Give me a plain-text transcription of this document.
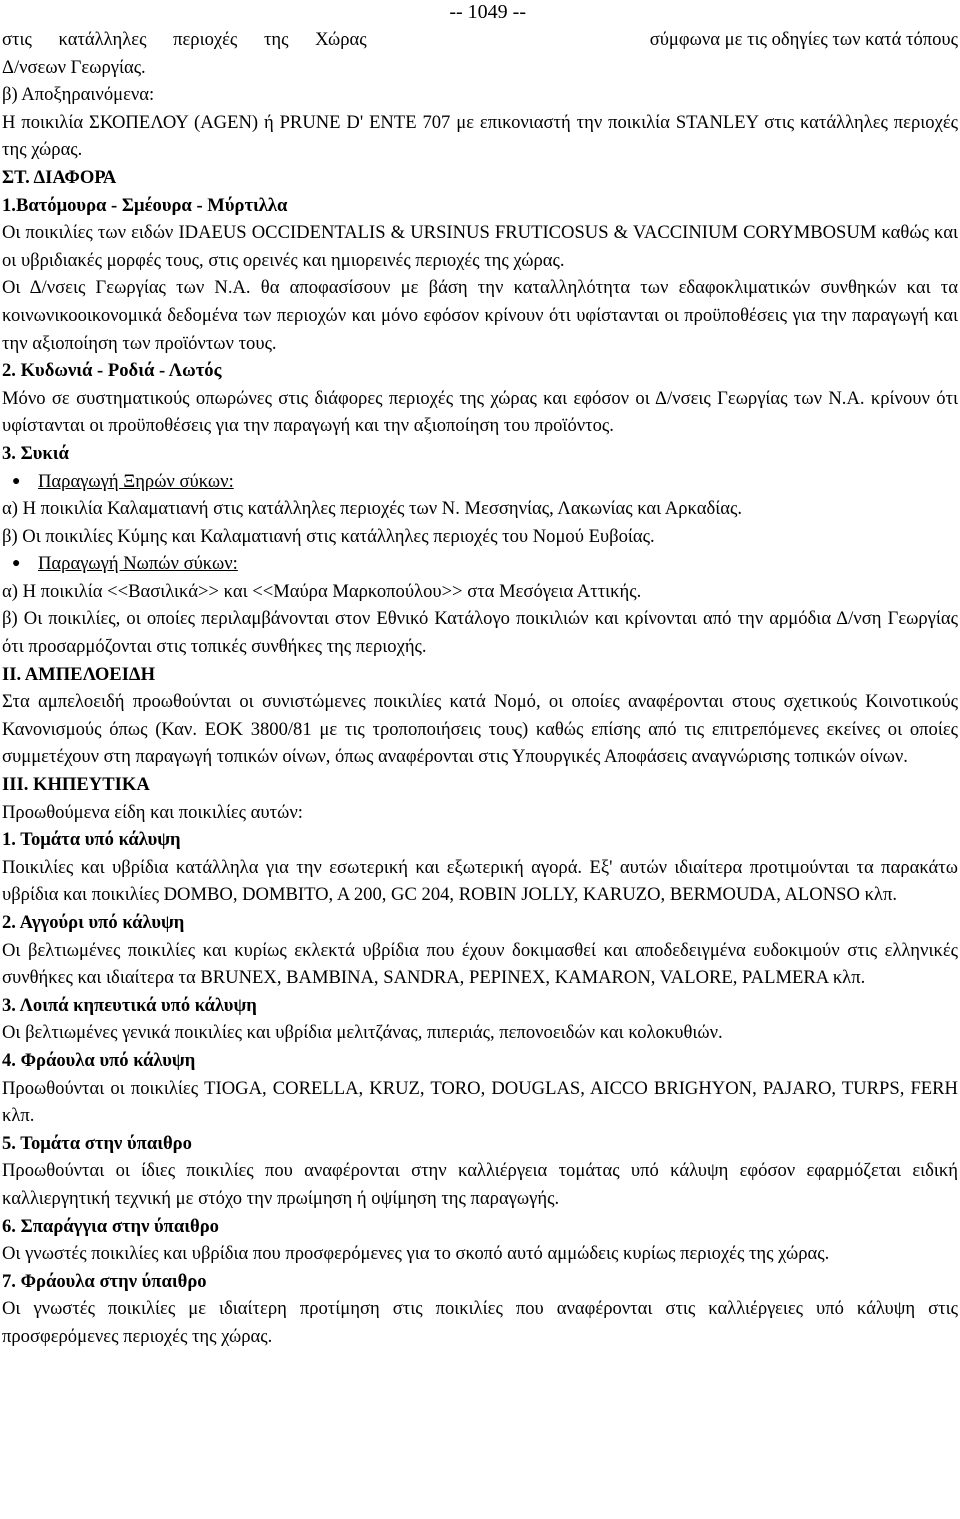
-- 1049 --

στις κατάλληλες περιοχές της Χώρας	σύμφωνα με τις οδηγίες των κατά τόπους

Δ/νσεων Γεωργίας.

β) Αποξηραινόμενα:

Η ποικιλία ΣΚΟΠΕΛΟΥ (AGEN) ή PRUNE D' ENTE 707 με επικονιαστή την ποικιλία STANLEY στις κατάλληλες περιοχές της χώρας.

ΣΤ. ΔΙΑΦΟΡΑ

1.Βατόμουρα - Σμέουρα - Μύρτιλλα

Οι ποικιλίες των ειδών IDAEUS OCCIDENTALIS & URSINUS FRUTICOSUS & VACCINIUM CORYMBOSUM καθώς και οι υβριδιακές μορφές τους, στις ορεινές και ημιορεινές περιοχές της χώρας.

Οι Δ/νσεις Γεωργίας των Ν.Α. θα αποφασίσουν με βάση την καταλληλότητα των εδαφοκλιματικών συνθηκών και τα κοινωνικοοικονομικά δεδομένα των περιοχών και μόνο εφόσον κρίνουν ότι υφίστανται οι προϋποθέσεις για την παραγωγή και την αξιοποίηση των προϊόντων τους.

2. Κυδωνιά - Ροδιά - Λωτός

Μόνο σε συστηματικούς οπωρώνες στις διάφορες περιοχές της χώρας και εφόσον οι Δ/νσεις Γεωργίας των Ν.Α. κρίνουν ότι υφίστανται οι προϋποθέσεις για την παραγωγή και την αξιοποίηση του προϊόντος.

3. Συκιά

● Παραγωγή Ξηρών σύκων:

α) Η ποικιλία Καλαματιανή στις κατάλληλες περιοχές των Ν. Μεσσηνίας, Λακωνίας και Αρκαδίας.

β) Οι ποικιλίες Κύμης και Καλαματιανή στις κατάλληλες περιοχές του Νομού Ευβοίας.

● Παραγωγή Νωπών σύκων:

α) Η ποικιλία <<Βασιλικά>> και <<Μαύρα Μαρκοπούλου>> στα Μεσόγεια Αττικής.

β) Οι ποικιλίες, οι οποίες περιλαμβάνονται στον Εθνικό Κατάλογο ποικιλιών και κρίνονται από την αρμόδια Δ/νση Γεωργίας ότι προσαρμόζονται στις τοπικές συνθήκες της περιοχής.

ΙΙ. ΑΜΠΕΛΟΕΙΔΗ

Στα αμπελοειδή προωθούνται οι συνιστώμενες ποικιλίες κατά Νομό, οι οποίες αναφέρονται στους σχετικούς Κοινοτικούς Κανονισμούς όπως (Καν. ΕΟΚ 3800/81 με τις τροποποιήσεις τους) καθώς επίσης από τις επιτρεπόμενες εκείνες οι οποίες συμμετέχουν στη παραγωγή τοπικών οίνων, όπως αναφέρονται στις Υπουργικές Αποφάσεις αναγνώρισης τοπικών οίνων.

ΙΙΙ. ΚΗΠΕΥΤΙΚΑ

Προωθούμενα είδη και ποικιλίες αυτών:

1. Τομάτα υπό κάλυψη

Ποικιλίες και υβρίδια κατάλληλα για την εσωτερική και εξωτερική αγορά. Εξ' αυτών ιδιαίτερα προτιμούνται τα παρακάτω υβρίδια και ποικιλίες DOMBO, DOMBITO, A 200, GC 204, ROBIN JOLLY, KARUZO, BERMOUDA, ALONSO κλπ.

2. Αγγούρι υπό κάλυψη

Οι βελτιωμένες ποικιλίες και κυρίως εκλεκτά υβρίδια που έχουν δοκιμασθεί και αποδεδειγμένα ευδοκιμούν στις ελληνικές συνθήκες και ιδιαίτερα τα BRUNEX, BAMBINA, SANDRA, PEPINEX, KAMARON, VALORE, PALMERA κλπ.

3. Λοιπά κηπευτικά υπό κάλυψη

Οι βελτιωμένες γενικά ποικιλίες και υβρίδια μελιτζάνας, πιπεριάς, πεπονοειδών και κολοκυθιών.

4. Φράουλα υπό κάλυψη

Προωθούνται οι ποικιλίες TIOGA, CORELLA, KRUZ, TORO, DOUGLAS, AICCO BRIGHYON, PAJARO, TURPS, FERH κλπ.

5. Τομάτα στην ύπαιθρο

Προωθούνται οι ίδιες ποικιλίες που αναφέρονται στην καλλιέργεια τομάτας υπό κάλυψη εφόσον εφαρμόζεται ειδική καλλιεργητική τεχνική με στόχο την πρωίμηση ή οψίμηση της παραγωγής.

6. Σπαράγγια στην ύπαιθρο

Οι γνωστές ποικιλίες και υβρίδια που προσφερόμενες για το σκοπό αυτό αμμώδεις κυρίως περιοχές της χώρας.

7. Φράουλα στην ύπαιθρο

Οι γνωστές ποικιλίες με ιδιαίτερη προτίμηση στις ποικιλίες που αναφέρονται στις καλλιέργειες υπό κάλυψη στις προσφερόμενες περιοχές της χώρας.
